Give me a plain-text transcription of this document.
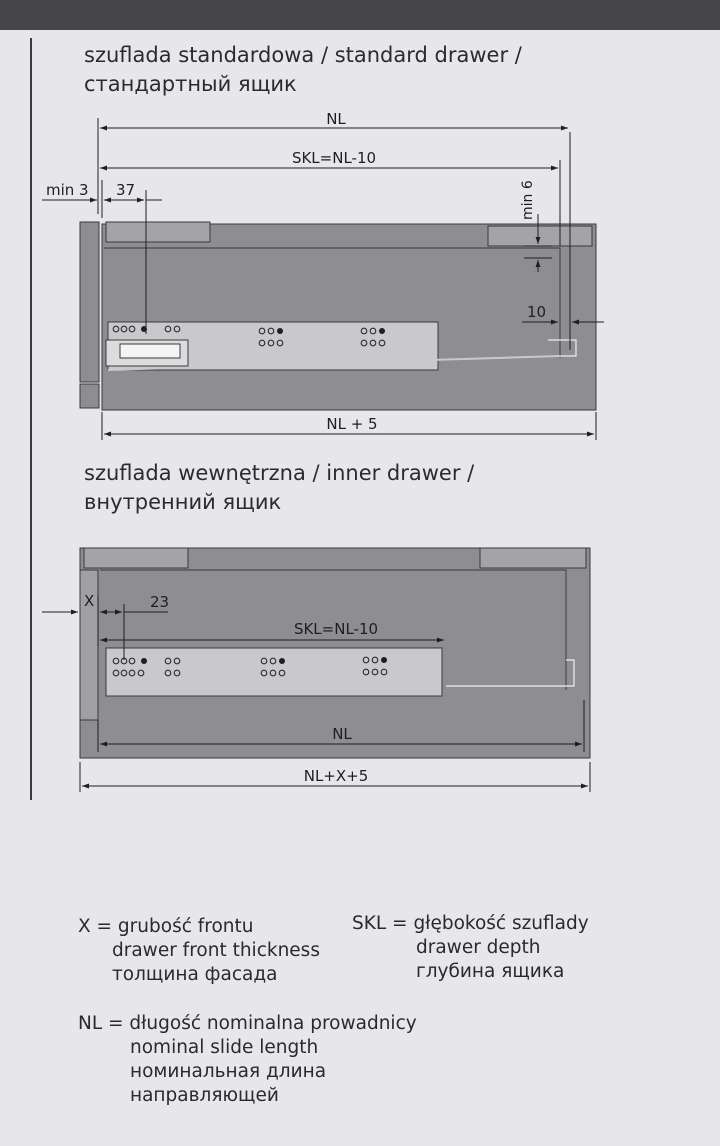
szuflada standardowa / standard drawer /
стандартный ящик
NL
SKL=NL-10
min 3 37	min 6
10
NL + 5
szuflada wewnętrzna / inner drawer /
внутренний ящик
X	23
SKL=NL-10
NL
NL+X+5
X = grubość frontu
drawer front thickness
толщина фасада
SKL = głębokość szuflady
drawer depth
глубина ящика
NL = długość nominalna prowadnicy
nominal slide length
номинальная длина
направляющей
